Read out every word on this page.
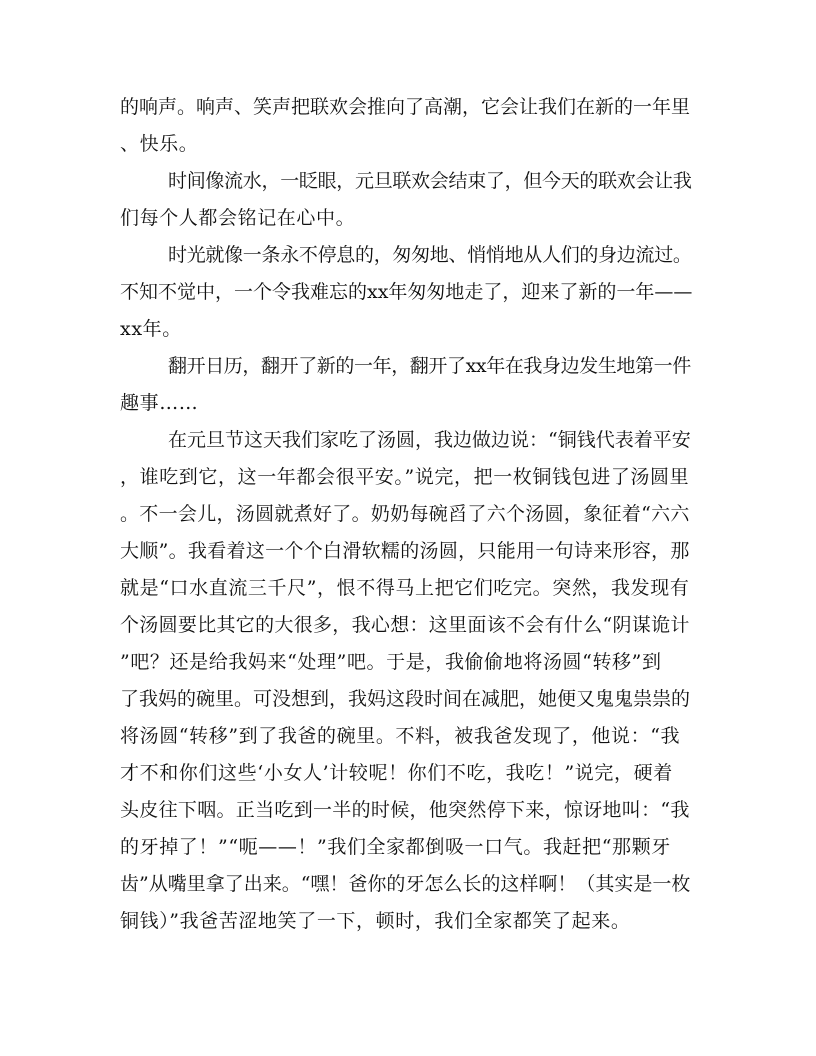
的响声。响声、笑声把联欢会推向了高潮，它会让我们在新的一年里
、快乐。
时间像流水，一眨眼，元旦联欢会结束了，但今天的联欢会让我
们每个人都会铭记在心中。
时光就像一条永不停息的，匆匆地、悄悄地从人们的身边流过。
不知不觉中，一个令我难忘的xx年匆匆地走了，迎来了新的一年——
xx年。
翻开日历，翻开了新的一年，翻开了xx年在我身边发生地第一件
趣事……
在元旦节这天我们家吃了汤圆，我边做边说：“铜钱代表着平安
，谁吃到它，这一年都会很平安。”说完，把一枚铜钱包进了汤圆里
。不一会儿，汤圆就煮好了。奶奶每碗舀了六个汤圆，象征着“六六
大顺”。我看着这一个个白滑软糯的汤圆，只能用一句诗来形容，那
就是“口水直流三千尺”，恨不得马上把它们吃完。突然，我发现有
个汤圆要比其它的大很多，我心想：这里面该不会有什么“阴谋诡计
”吧？还是给我妈来“处理”吧。于是，我偷偷地将汤圆“转移”到
了我妈的碗里。可没想到，我妈这段时间在减肥，她便又鬼鬼祟祟的
将汤圆“转移”到了我爸的碗里。不料，被我爸发现了，他说：“我
才不和你们这些‘小女人’计较呢！你们不吃，我吃！”说完，硬着
头皮往下咽。正当吃到一半的时候，他突然停下来，惊讶地叫：“我
的牙掉了！”“呃——！”我们全家都倒吸一口气。我赶把“那颗牙
齿”从嘴里拿了出来。“嘿！爸你的牙怎么长的这样啊！（其实是一枚
铜钱）”我爸苦涩地笑了一下，顿时，我们全家都笑了起来。
